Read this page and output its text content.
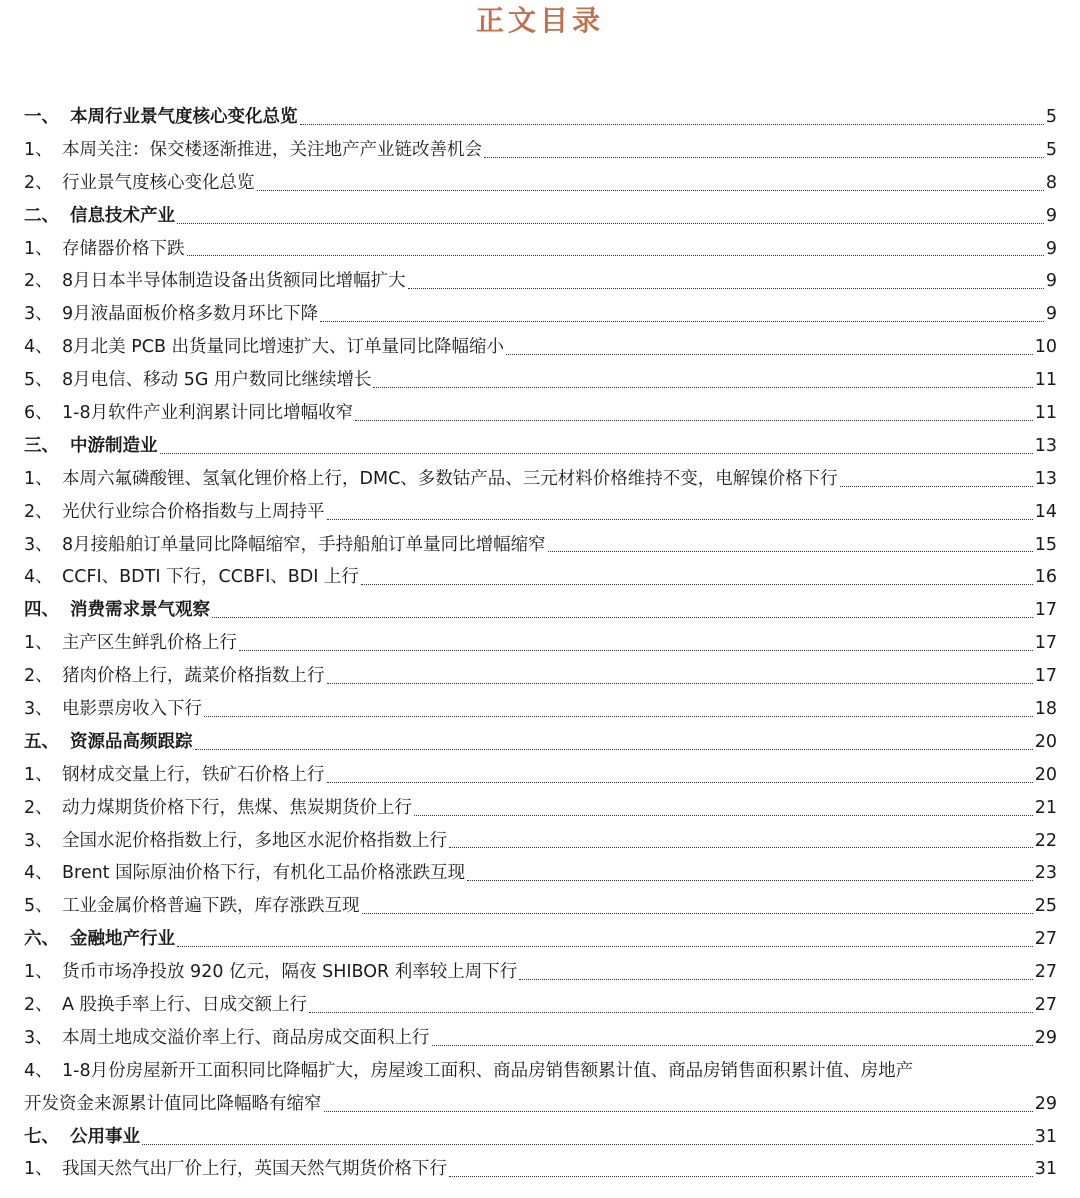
正文目录
一、 本周行业景气度核心变化总览	5
1、 本周关注：保交楼逐渐推进，关注地产产业链改善机会	5
2、 行业景气度核心变化总览	8
二、 信息技术产业	9
1、 存储器价格下跌	9
2、 8月日本半导体制造设备出货额同比增幅扩大	9
3、 9月液晶面板价格多数月环比下降	9
4、 8月北美 PCB 出货量同比增速扩大、订单量同比降幅缩小	10
5、 8月电信、移动 5G 用户数同比继续增长	11
6、 1-8月软件产业利润累计同比增幅收窄	11
三、 中游制造业	13
1、 本周六氟磷酸锂、氢氧化锂价格上行，DMC、多数钴产品、三元材料价格维持不变，电解镍价格下行	13
2、 光伏行业综合价格指数与上周持平	14
3、 8月接船舶订单量同比降幅缩窄，手持船舶订单量同比增幅缩窄	15
4、 CCFI、BDTI 下行，CCBFI、BDI 上行	16
四、 消费需求景气观察	17
1、 主产区生鲜乳价格上行	17
2、 猪肉价格上行，蔬菜价格指数上行	17
3、 电影票房收入下行	18
五、 资源品高频跟踪	20
1、 钢材成交量上行，铁矿石价格上行	20
2、 动力煤期货价格下行，焦煤、焦炭期货价上行	21
3、 全国水泥价格指数上行，多地区水泥价格指数上行	22
4、 Brent 国际原油价格下行，有机化工品价格涨跌互现	23
5、 工业金属价格普遍下跌，库存涨跌互现	25
六、 金融地产行业	27
1、 货币市场净投放 920 亿元，隔夜 SHIBOR 利率较上周下行	27
2、 A 股换手率上行、日成交额上行	27
3、 本周土地成交溢价率上行、商品房成交面积上行	29
4、 1-8月份房屋新开工面积同比降幅扩大，房屋竣工面积、商品房销售额累计值、商品房销售面积累计值、房地产
开发资金来源累计值同比降幅略有缩窄	29
七、 公用事业	31
1、 我国天然气出厂价上行，英国天然气期货价格下行	31
